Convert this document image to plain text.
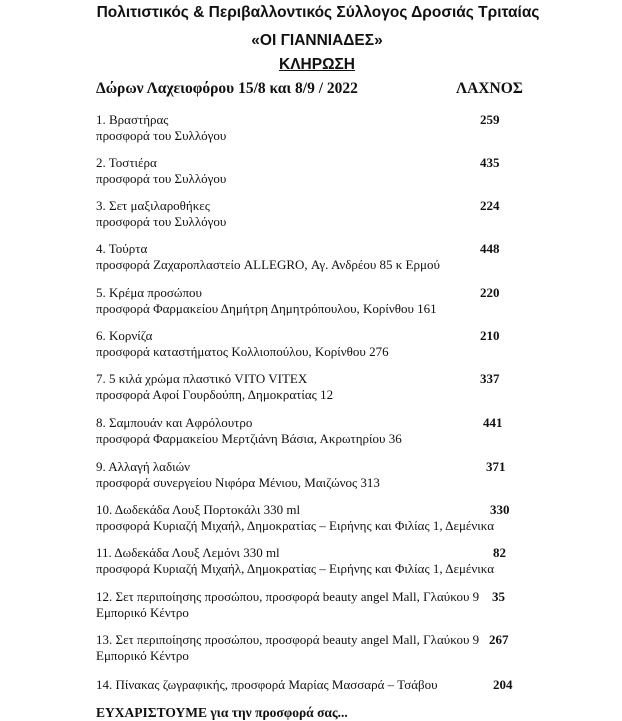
Πολιτιστικός & Περιβαλλοντικός Σύλλογος Δροσιάς Τριταίας
«ΟΙ ΓΙΑΝΝΙΑΔΕΣ»
ΚΛΗΡΩΣΗ
Δώρων Λαχειοφόρου 15/8 και 8/9 / 2022	ΛΑΧΝΟΣ
1. Βραστήρας
προσφορά του Συλλόγου
259
2. Τοστιέρα
προσφορά του Συλλόγου
435
3. Σετ μαξιλαροθήκες
προσφορά του Συλλόγου
224
4. Τούρτα
προσφορά Ζαχαροπλαστείο ALLEGRO, Αγ. Ανδρέου 85 κ Ερμού
448
5. Κρέμα προσώπου
προσφορά Φαρμακείου Δημήτρη Δημητρόπουλου, Κορίνθου 161
220
6. Κορνίζα
προσφορά καταστήματος Κολλιοπούλου, Κορίνθου 276
210
7. 5 κιλά χρώμα πλαστικό VITO VITEX
προσφορά Αφοί Γουρδούπη, Δημοκρατίας 12
337
8. Σαμπουάν και Αφρόλουτρο
προσφορά Φαρμακείου Μερτζιάνη Βάσια, Ακρωτηρίου 36
441
9. Αλλαγή λαδιών
προσφορά συνεργείου Νιφόρα Μένιου, Μαιζώνος 313
371
10. Δωδεκάδα Λουξ Πορτοκάλι 330 ml
προσφορά Κυριαζή Μιχαήλ, Δημοκρατίας – Ειρήνης και Φιλίας 1, Δεμένικα
330
11. Δωδεκάδα Λουξ Λεμόνι 330 ml
προσφορά Κυριαζή Μιχαήλ, Δημοκρατίας – Ειρήνης και Φιλίας 1, Δεμένικα
82
12. Σετ περιποίησης προσώπου, προσφορά beauty angel Mall, Γλαύκου 9
Εμπορικό Κέντρο
35
13. Σετ περιποίησης προσώπου, προσφορά beauty angel Mall, Γλαύκου 9
Εμπορικό Κέντρο
267
14. Πίνακας ζωγραφικής, προσφορά Μαρίας Μασσαρά – Τσάβου	204
ΕΥΧΑΡΙΣΤΟΥΜΕ για την προσφορά σας...
